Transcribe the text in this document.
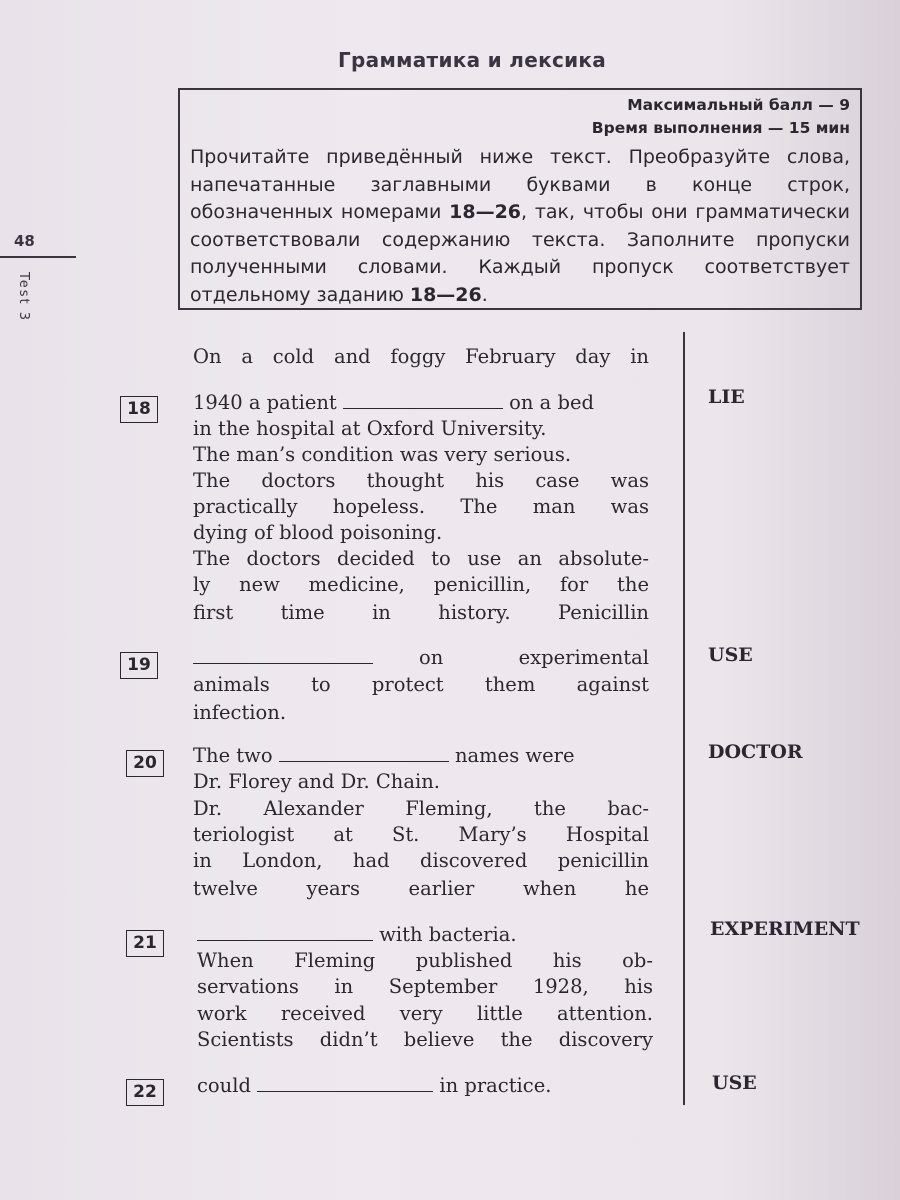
Грамматика и лексика
48
Test 3
Максимальный балл — 9
Время выполнения — 15 мин
Прочитайте приведённый ниже текст. Преобразуйте слова, напечатанные заглавными буквами в конце строк, обозначенных номерами 18—26, так, чтобы они грамматически соответствовали содержанию текста. Заполните пропуски полученными словами. Каждый пропуск соответствует отдельному заданию 18—26.
On a cold and foggy February day in
18	1940 a patient	on a bed	LIE
in the hospital at Oxford University.
The man’s condition was very serious.
The doctors thought his case was
practically hopeless. The man was
dying of blood poisoning.
The doctors decided to use an absolute-
ly new medicine, penicillin, for the
first time in history. Penicillin
19	on experimental	USE
animals to protect them against
infection.
20	The two	names were	DOCTOR
Dr. Florey and Dr. Chain.
Dr. Alexander Fleming, the bac-
teriologist at St. Mary’s Hospital
in London, had discovered penicillin
twelve years earlier when he
21	with bacteria.	EXPERIMENT
When Fleming published his ob-
servations in September 1928, his
work received very little attention.
Scientists didn’t believe the discovery
22	could	in practice.	USE
